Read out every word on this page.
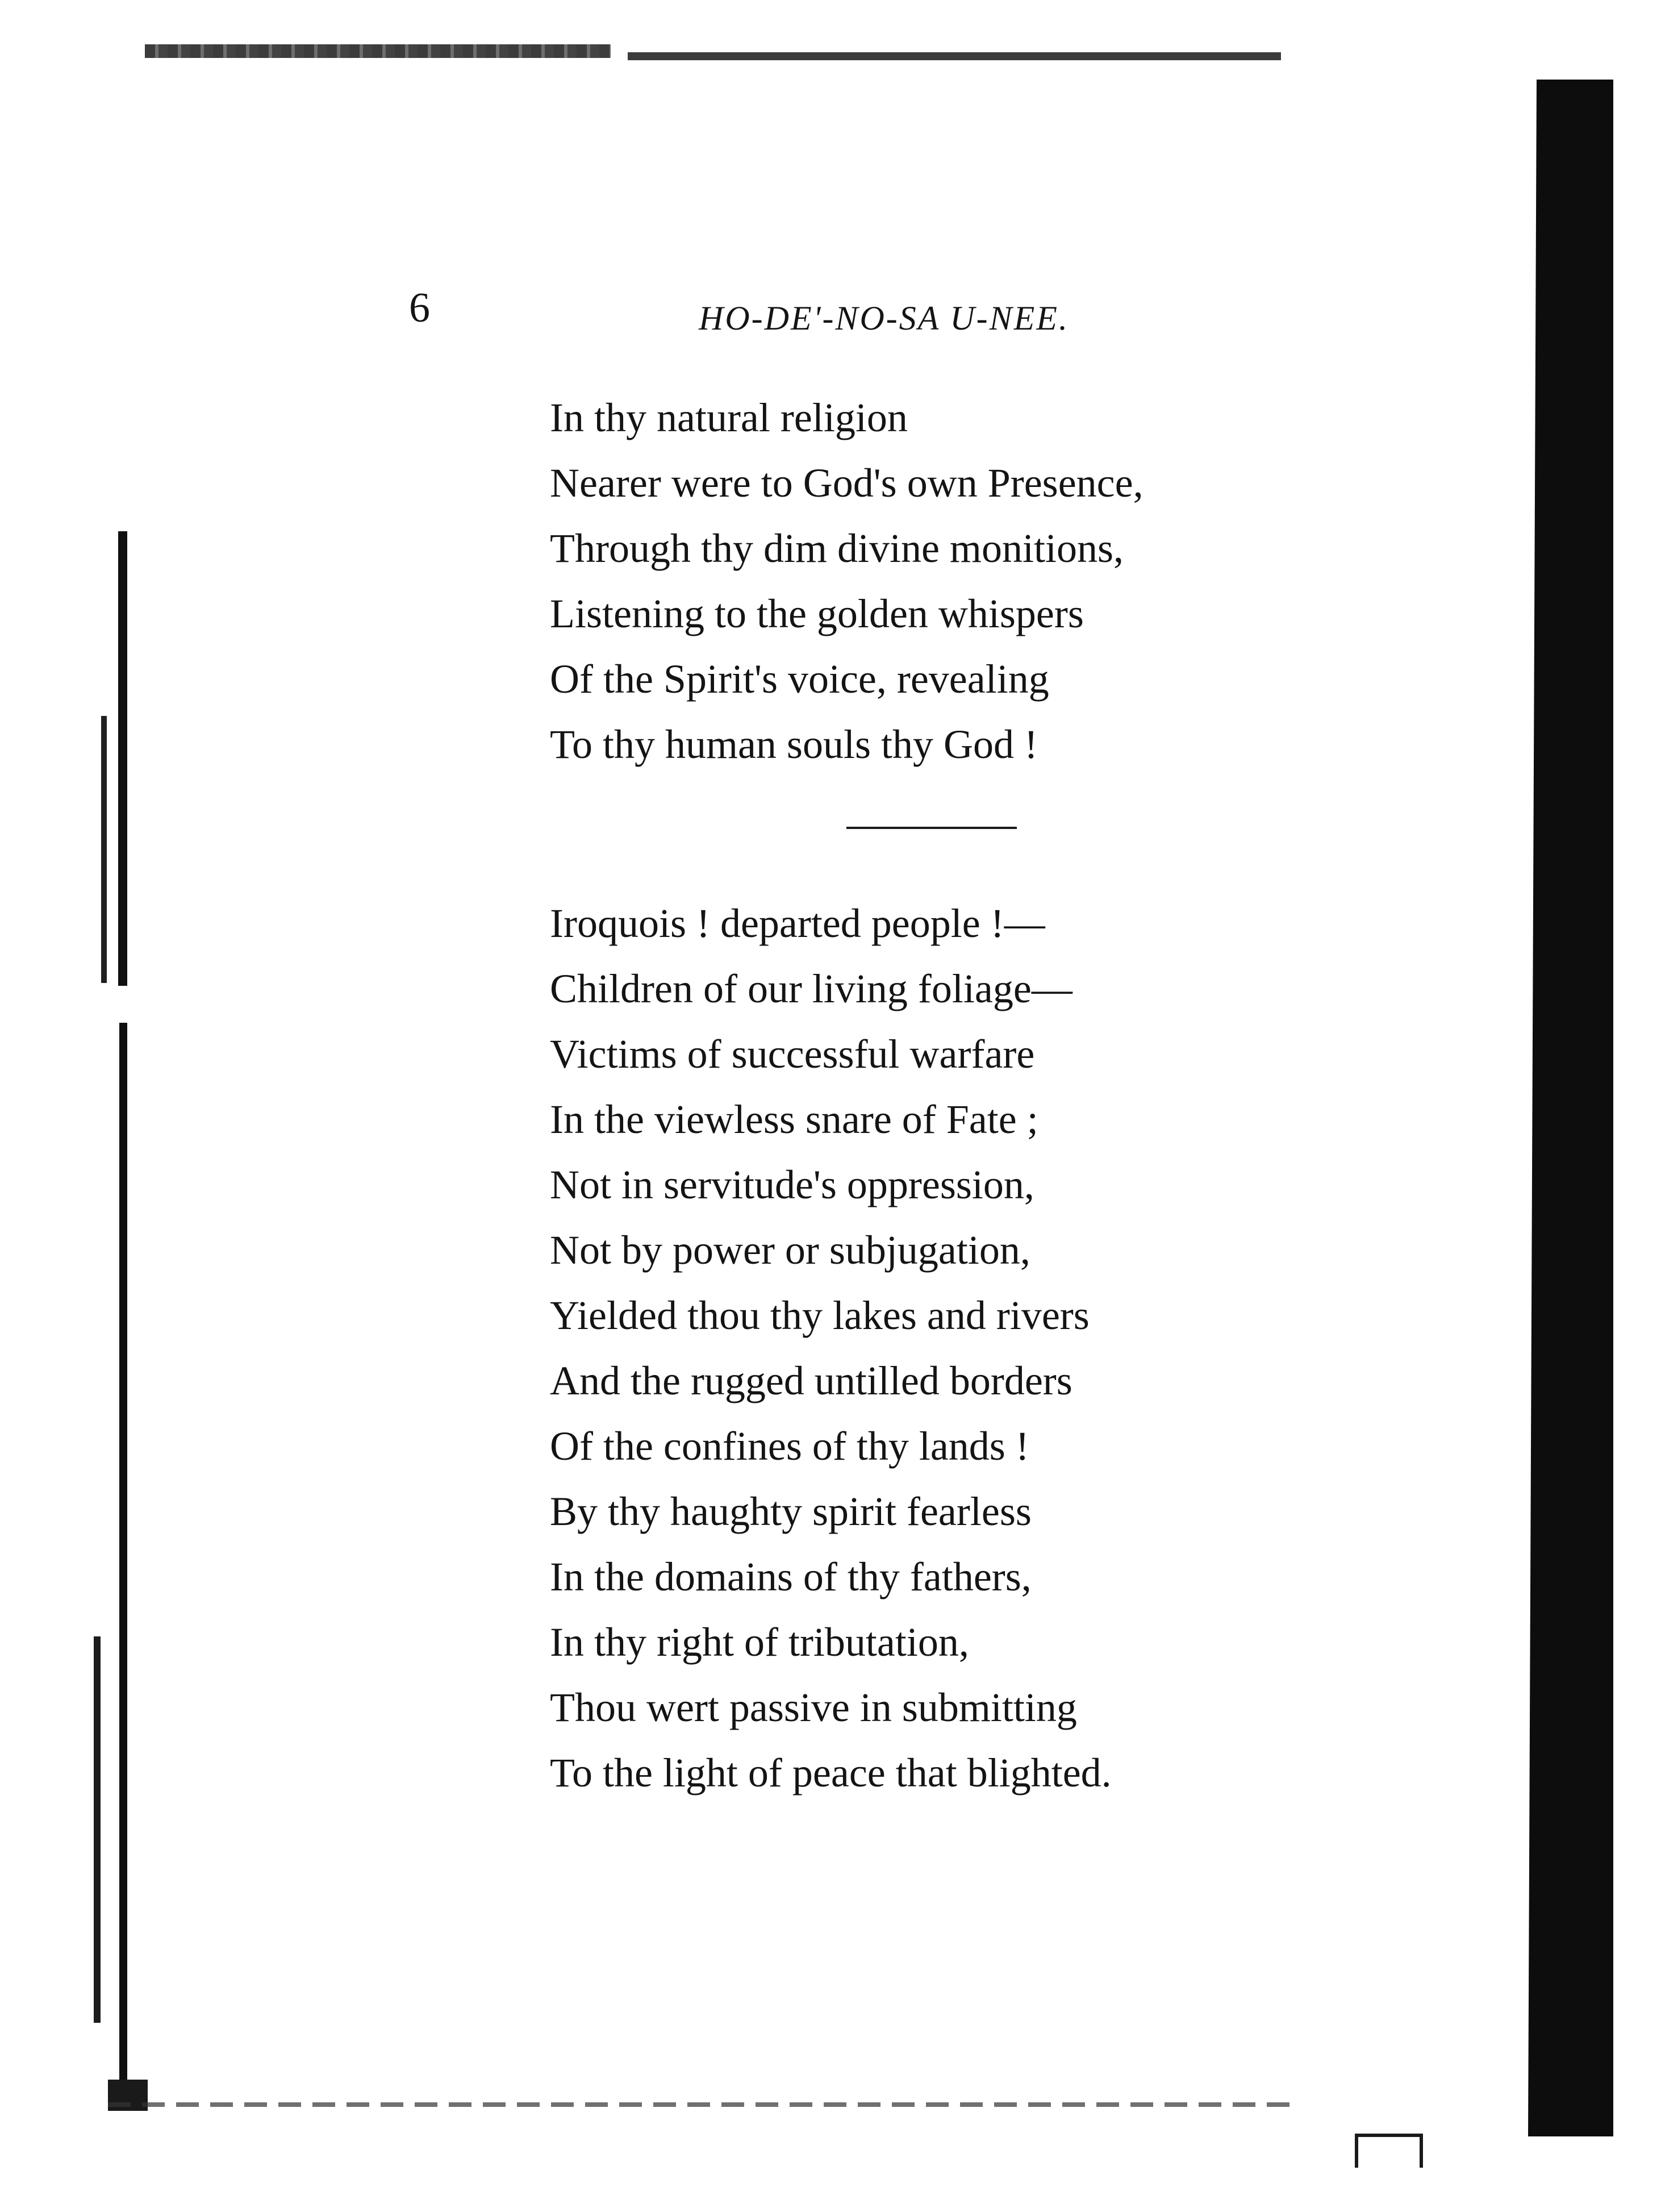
6	HO-DE'-NO-SA U-NEE.
In thy natural religion
Nearer were to God's own Presence,
Through thy dim divine monitions,
Listening to the golden whispers
Of the Spirit's voice, revealing
To thy human souls thy God !
Iroquois ! departed people !—
Children of our living foliage—
Victims of successful warfare
In the viewless snare of Fate ;
Not in servitude's oppression,
Not by power or subjugation,
Yielded thou thy lakes and rivers
And the rugged untilled borders
Of the confines of thy lands !
By thy haughty spirit fearless
In the domains of thy fathers,
In thy right of tributation,
Thou wert passive in submitting
To the light of peace that blighted.
